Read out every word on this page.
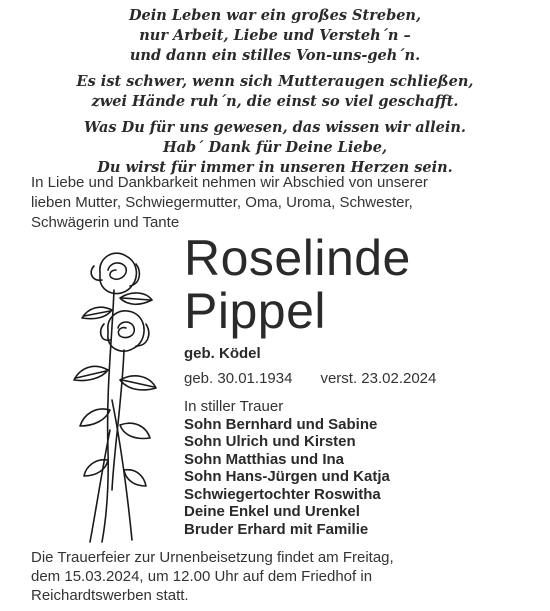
Dein Leben war ein großes Streben,
nur Arbeit, Liebe und Versteh´n –
und dann ein stilles Von-uns-geh´n.
Es ist schwer, wenn sich Mutteraugen schließen,
zwei Hände ruh´n, die einst so viel geschafft.
Was Du für uns gewesen, das wissen wir allein.
Hab´ Dank für Deine Liebe,
Du wirst für immer in unseren Herzen sein.
In Liebe und Dankbarkeit nehmen wir Abschied von unserer
lieben Mutter, Schwiegermutter, Oma, Uroma, Schwester,
Schwägerin und Tante
Roselinde
Pippel
geb. Ködel
geb. 30.01.1934 verst. 23.02.2024
In stiller Trauer
Sohn Bernhard und Sabine
Sohn Ulrich und Kirsten
Sohn Matthias und Ina
Sohn Hans-Jürgen und Katja
Schwiegertochter Roswitha
Deine Enkel und Urenkel
Bruder Erhard mit Familie
Die Trauerfeier zur Urnenbeisetzung findet am Freitag,
dem 15.03.2024, um 12.00 Uhr auf dem Friedhof in
Reichardtswerben statt.
